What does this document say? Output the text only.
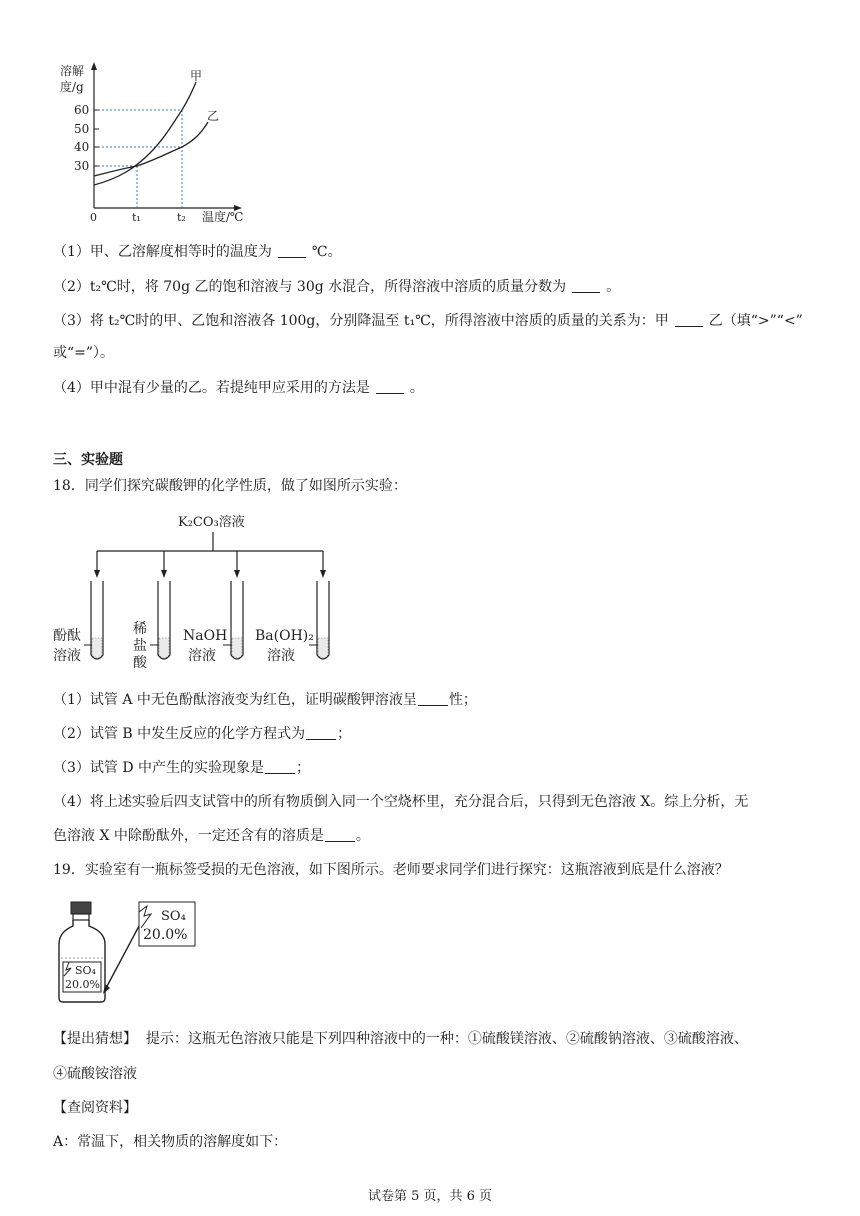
溶解
度/g
60
50
40
30
0	t₁	t₂ 温度/℃
甲
乙
（1）甲、乙溶解度相等时的温度为	℃。
（2）t₂℃时，将 70g 乙的饱和溶液与 30g 水混合，所得溶液中溶质的质量分数为	。
（3）将 t₂℃时的甲、乙饱和溶液各 100g，分别降温至 t₁℃，所得溶液中溶质的质量的关系为：甲	乙（填“>”“<”
或“=”）。
（4）甲中混有少量的乙。若提纯甲应采用的方法是	。
三、实验题
18．同学们探究碳酸钾的化学性质，做了如图所示实验：
K₂CO₃溶液
酚酞
溶液
稀
盐
酸
NaOH
溶液
Ba(OH)₂
溶液
（1）试管 A 中无色酚酞溶液变为红色，证明碳酸钾溶液呈 性；
（2）试管 B 中发生反应的化学方程式为 ；
（3）试管 D 中产生的实验现象是 ；
（4）将上述实验后四支试管中的所有物质倒入同一个空烧杯里，充分混合后，只得到无色溶液 X。综上分析，无
色溶液 X 中除酚酞外，一定还含有的溶质是 。
19．实验室有一瓶标签受损的无色溶液，如下图所示。老师要求同学们进行探究：这瓶溶液到底是什么溶液？
SO₄
20.0%
SO₄
20.0%
【提出猜想】 提示：这瓶无色溶液只能是下列四种溶液中的一种：①硫酸镁溶液、②硫酸钠溶液、③硫酸溶液、
④硫酸铵溶液
【查阅资料】
A：常温下，相关物质的溶解度如下：
试卷第 5 页，共 6 页
